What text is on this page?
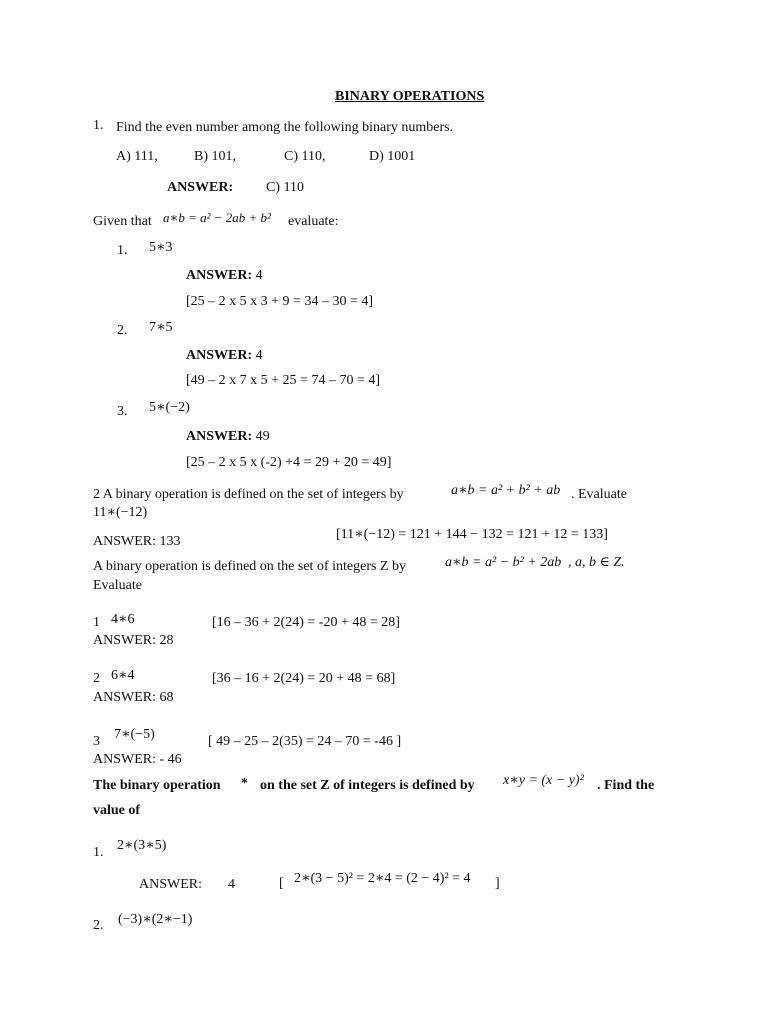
BINARY OPERATIONS
1. Find the even number among the following binary numbers.
A) 111,	B) 101,	C) 110,	D) 1001
ANSWER: C) 110
Given that a∗b = a² − 2ab + b² evaluate:
1. 5∗3
ANSWER: 4
[25 – 2 x 5 x 3 + 9 = 34 – 30 = 4]
2. 7∗5
ANSWER: 4
[49 – 2 x 7 x 5 + 25 = 74 – 70 = 4]
3. 5∗(−2)
ANSWER: 49
[25 – 2 x 5 x (-2) +4 = 29 + 20 = 49]
2 A binary operation is defined on the set of integers by	a∗b = a² + b² + ab . Evaluate
11∗(−12)
ANSWER: 133	[11∗(−12) = 121 + 144 − 132 = 121 + 12 = 133]
A binary operation is defined on the set of integers Z by	a∗b = a² − b² + 2ab , a, b ∈ Z.
Evaluate
1 4∗6	[16 – 36 + 2(24) = -20 + 48 = 28]
ANSWER: 28
2 6∗4	[36 – 16 + 2(24) = 20 + 48 = 68]
ANSWER: 68
3 7∗(−5)	[ 49 – 25 – 2(35) = 24 – 70 = -46 ]
ANSWER: - 46
The binary operation * on the set Z of integers is defined by x∗y = (x − y)² . Find the
value of
1. 2∗(3∗5)
ANSWER: 4	[ 2∗(3 − 5)² = 2∗4 = (2 − 4)² = 4 ]
2. (−3)∗(2∗−1)
